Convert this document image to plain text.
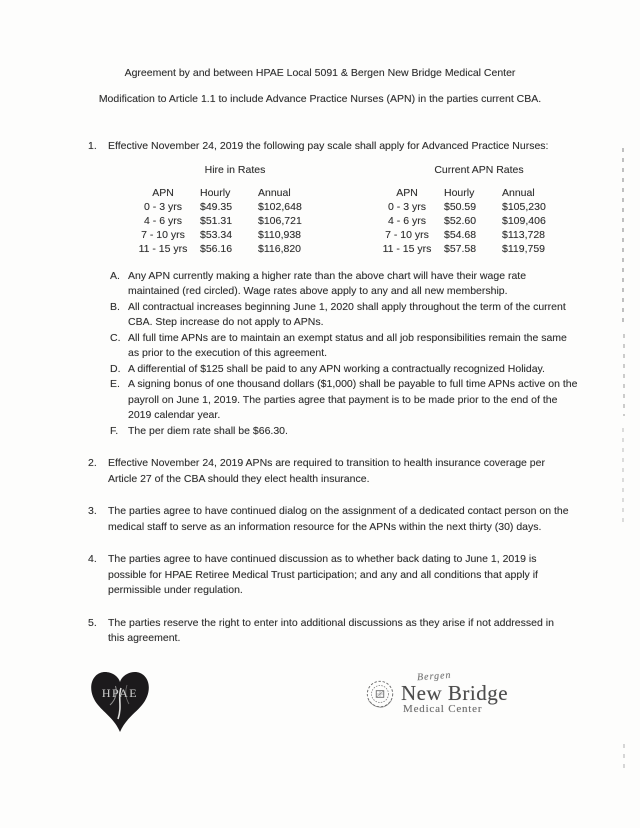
Agreement by and between HPAE Local 5091 & Bergen New Bridge Medical Center
Modification to Article 1.1 to include Advance Practice Nurses (APN) in the parties current CBA.
1.	Effective November 24, 2019 the following pay scale shall apply for Advanced Practice Nurses:
Hire in Rates
APN	Hourly	Annual
0 - 3 yrs	$49.35	$102,648
4 - 6 yrs	$51.31	$106,721
7 - 10 yrs	$53.34	$110,938
11 - 15 yrs	$56.16	$116,820
Current APN Rates
APN	Hourly	Annual
0 - 3 yrs	$50.59	$105,230
4 - 6 yrs	$52.60	$109,406
7 - 10 yrs	$54.68	$113,728
11 - 15 yrs	$57.58	$119,759
A. Any APN currently making a higher rate than the above chart will have their wage rate maintained (red circled). Wage rates above apply to any and all new membership.
B. All contractual increases beginning June 1, 2020 shall apply throughout the term of the current CBA. Step increase do not apply to APNs.
C. All full time APNs are to maintain an exempt status and all job responsibilities remain the same as prior to the execution of this agreement.
D. A differential of $125 shall be paid to any APN working a contractually recognized Holiday.
E. A signing bonus of one thousand dollars ($1,000) shall be payable to full time APNs active on the payroll on June 1, 2019. The parties agree that payment is to be made prior to the end of the 2019 calendar year.
F. The per diem rate shall be $66.30.
2.	Effective November 24, 2019 APNs are required to transition to health insurance coverage per Article 27 of the CBA should they elect health insurance.
3.	The parties agree to have continued dialog on the assignment of a dedicated contact person on the medical staff to serve as an information resource for the APNs within the next thirty (30) days.
4.	The parties agree to have continued discussion as to whether back dating to June 1, 2019 is possible for HPAE Retiree Medical Trust participation; and any and all conditions that apply if permissible under regulation.
5.	The parties reserve the right to enter into additional discussions as they arise if not addressed in this agreement.
HPAE
Bergen
New Bridge
Medical Center
